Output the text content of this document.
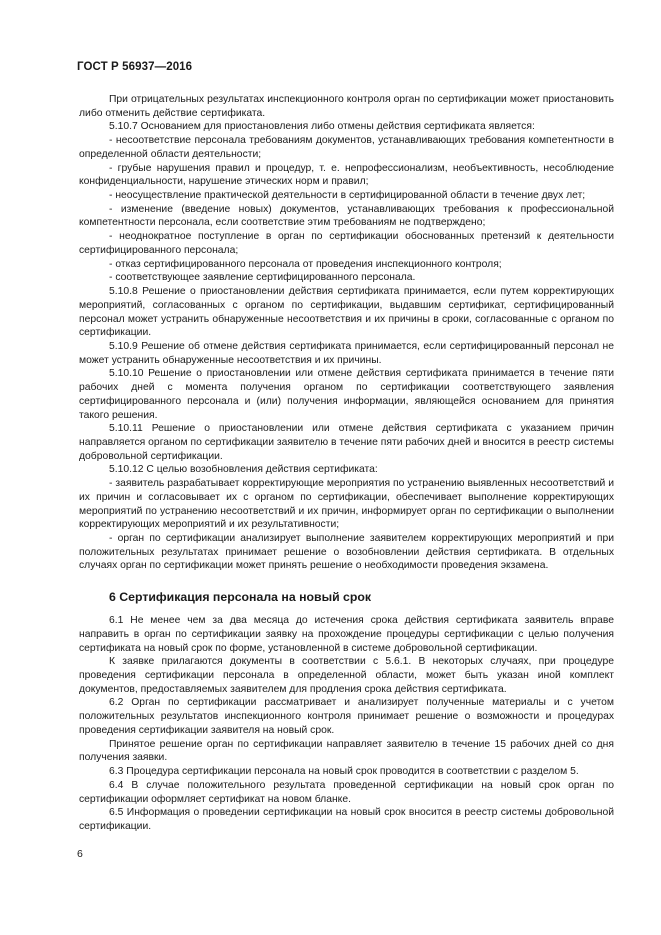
ГОСТ Р 56937—2016

При отрицательных результатах инспекционного контроля орган по сертификации может приостановить либо отменить действие сертификата.

5.10.7 Основанием для приостановления либо отмены действия сертификата является:

- несоответствие персонала требованиям документов, устанавливающих требования компетентности в определенной области деятельности;

- грубые нарушения правил и процедур, т. е. непрофессионализм, необъективность, несоблюдение конфиденциальности, нарушение этических норм и правил;

- неосуществление практической деятельности в сертифицированной области в течение двух лет;

- изменение (введение новых) документов, устанавливающих требования к профессиональной компетентности персонала, если соответствие этим требованиям не подтверждено;

- неоднократное поступление в орган по сертификации обоснованных претензий к деятельности сертифицированного персонала;

- отказ сертифицированного персонала от проведения инспекционного контроля;

- соответствующее заявление сертифицированного персонала.

5.10.8 Решение о приостановлении действия сертификата принимается, если путем корректирующих мероприятий, согласованных с органом по сертификации, выдавшим сертификат, сертифицированный персонал может устранить обнаруженные несоответствия и их причины в сроки, согласованные с органом по сертификации.

5.10.9 Решение об отмене действия сертификата принимается, если сертифицированный персонал не может устранить обнаруженные несоответствия и их причины.

5.10.10 Решение о приостановлении или отмене действия сертификата принимается в течение пяти рабочих дней с момента получения органом по сертификации соответствующего заявления сертифицированного персонала и (или) получения информации, являющейся основанием для принятия такого решения.

5.10.11 Решение о приостановлении или отмене действия сертификата с указанием причин направляется органом по сертификации заявителю в течение пяти рабочих дней и вносится в реестр системы добровольной сертификации.

5.10.12 С целью возобновления действия сертификата:

- заявитель разрабатывает корректирующие мероприятия по устранению выявленных несоответствий и их причин и согласовывает их с органом по сертификации, обеспечивает выполнение корректирующих мероприятий по устранению несоответствий и их причин, информирует орган по сертификации о выполнении корректирующих мероприятий и их результативности;

- орган по сертификации анализирует выполнение заявителем корректирующих мероприятий и при положительных результатах принимает решение о возобновлении действия сертификата. В отдельных случаях орган по сертификации может принять решение о необходимости проведения экзамена.

6 Сертификация персонала на новый срок

6.1 Не менее чем за два месяца до истечения срока действия сертификата заявитель вправе направить в орган по сертификации заявку на прохождение процедуры сертификации с целью получения сертификата на новый срок по форме, установленной в системе добровольной сертификации.

К заявке прилагаются документы в соответствии с 5.6.1. В некоторых случаях, при процедуре проведения сертификации персонала в определенной области, может быть указан иной комплект документов, предоставляемых заявителем для продления срока действия сертификата.

6.2 Орган по сертификации рассматривает и анализирует полученные материалы и с учетом положительных результатов инспекционного контроля принимает решение о возможности и процедурах проведения сертификации заявителя на новый срок.

Принятое решение орган по сертификации направляет заявителю в течение 15 рабочих дней со дня получения заявки.

6.3 Процедура сертификации персонала на новый срок проводится в соответствии с разделом 5.

6.4 В случае положительного результата проведенной сертификации на новый срок орган по сертификации оформляет сертификат на новом бланке.

6.5 Информация о проведении сертификации на новый срок вносится в реестр системы добровольной сертификации.

6
